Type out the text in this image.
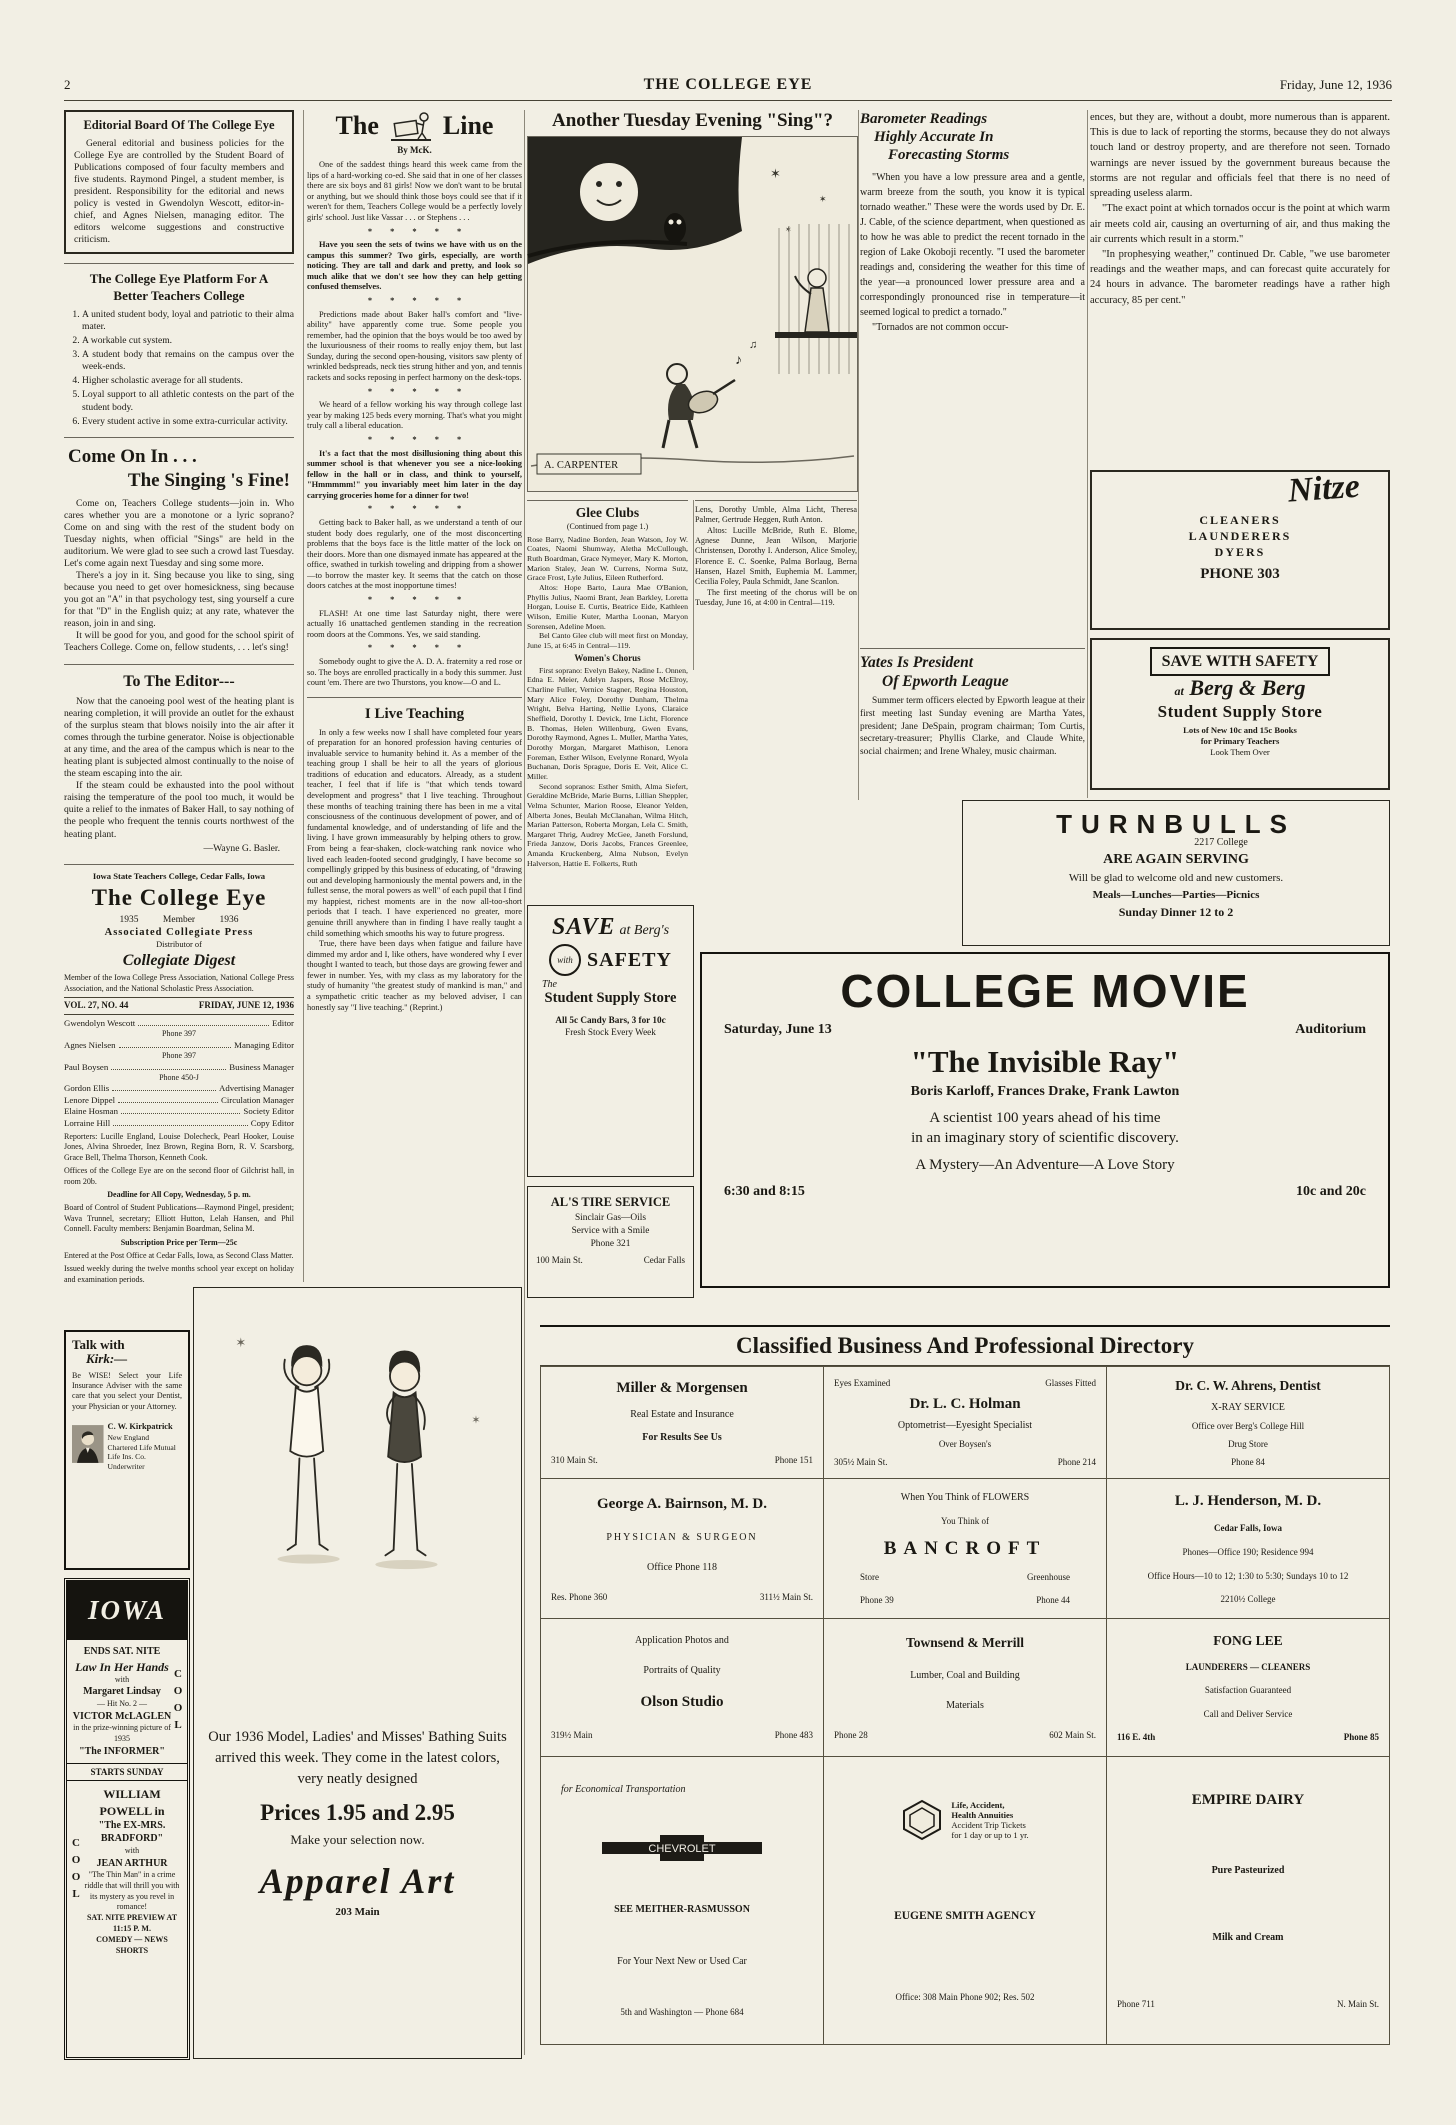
2	THE COLLEGE EYE	Friday, June 12, 1936
Editorial Board Of The College Eye

General editorial and business policies for the College Eye are controlled by the Student Board of Publications composed of four faculty members and five students. Raymond Pingel, a student member, is president. Responsibility for the editorial and news policy is vested in Gwendolyn Wescott, editor-in-chief, and Agnes Nielsen, managing editor. The editors welcome suggestions and constructive criticism.

The College Eye Platform For A
Better Teachers College
1. A united student body, loyal and patriotic to their alma mater.
2. A workable cut system.
3. A student body that remains on the campus over the week-ends.
4. Higher scholastic average for all students.
5. Loyal support to all athletic contests on the part of the student body.
6. Every student active in some extra-curricular activity.
Come On In . . .
The Singing 's Fine!

Come on, Teachers College students—join in. Who cares whether you are a monotone or a lyric soprano? Come on and sing with the rest of the student body on Tuesday nights, when official "Sings" are held in the auditorium. We were glad to see such a crowd last Tuesday. Let's come again next Tuesday and sing some more.

There's a joy in it. Sing because you like to sing, sing because you need to get over homesickness, sing because you got an "A" in that psychology test, sing yourself a cure for that "D" in the English quiz; at any rate, whatever the reason, join in and sing.

It will be good for you, and good for the school spirit of Teachers College. Come on, fellow students, . . . let's sing!

To The Editor---

Now that the canoeing pool west of the heating plant is nearing completion, it will provide an outlet for the exhaust of the surplus steam that blows noisily into the air after it comes through the turbine generator. Noise is objectionable at any time, and the area of the campus which is near to the heating plant is subjected almost continually to the noise of the steam escaping into the air.

If the steam could be exhausted into the pool without raising the temperature of the pool too much, it would be quite a relief to the inmates of Baker Hall, to say nothing of the people who frequent the tennis courts northwest of the heating plant.

—Wayne G. Basler.
Iowa State Teachers College, Cedar Falls, Iowa
The College Eye
1935 Member 1936
Associated Collegiate Press
Distributor of
Collegiate Digest
Member of the Iowa College Press Association, National College Press Association, and the National Scholastic Press Association.
VOL. 27, NO. 44	FRIDAY, JUNE 12, 1936
Gwendolyn Wescott	Editor
Phone 397
Agnes Nielsen	Managing Editor
Phone 397
Paul Boysen	Business Manager
Phone 450-J
Gordon Ellis	Advertising Manager
Lenore Dippel	Circulation Manager
Elaine Hosman	Society Editor
Lorraine Hill	Copy Editor
Reporters: Lucille England, Louise Dolecheck, Pearl Hooker, Louise Jones, Alvina Shroeder, Inez Brown, Regina Born, R. V. Scarsborg, Grace Bell, Thelma Thorson, Kenneth Cook.
Offices of the College Eye are on the second floor of Gilchrist hall, in room 20b.
Deadline for All Copy, Wednesday, 5 p. m.
Board of Control of Student Publications—Raymond Pingel, president; Wava Trunnel, secretary; Elliott Hutton, Lelah Hansen, and Phil Connell. Faculty members: Benjamin Boardman, Selina M.
Subscription Price per Term—25c
Entered at the Post Office at Cedar Falls, Iowa, as Second Class Matter.
Issued weekly during the twelve months school year except on holiday and examination periods.
The Line
By McK.

One of the saddest things heard this week came from the lips of a hard-working co-ed. She said that in one of her classes there are six boys and 81 girls! Now we don't want to be brutal or anything, but we should think those boys could see that if it weren't for them, Teachers College would be a perfectly lovely girls' school. Just like Vassar . . . or Stephens . . .

* * * * *

Have you seen the sets of twins we have with us on the campus this summer? Two girls, especially, are worth noticing. They are tall and dark and pretty, and look so much alike that we don't see how they can help getting confused themselves.

* * * * *

Predictions made about Baker hall's comfort and "live-ability" have apparently come true. Some people you remember, had the opinion that the boys would be too awed by the luxuriousness of their rooms to really enjoy them, but last Sunday, during the second open-housing, visitors saw plenty of wrinkled bedspreads, neck ties strung hither and yon, and tennis rackets and socks reposing in perfect harmony on the desk-tops.

* * * * *

We heard of a fellow working his way through college last year by making 125 beds every morning. That's what you might truly call a liberal education.

* * * * *

It's a fact that the most disillusioning thing about this summer school is that whenever you see a nice-looking fellow in the hall or in class, and think to yourself, "Hmmmmm!" you invariably meet him later in the day carrying groceries home for a dinner for two!

* * * * *

Getting back to Baker hall, as we understand a tenth of our student body does regularly, one of the most disconcerting problems that the boys face is the little matter of the lock on their doors. More than one dismayed inmate has appeared at the office, swathed in turkish toweling and dripping from a shower—to borrow the master key. It seems that the catch on those doors catches at the most inopportune times!

* * * * *

FLASH! At one time last Saturday night, there were actually 16 unattached gentlemen standing in the recreation room doors at the Commons. Yes, we said standing.

* * * * *

Somebody ought to give the A. D. A. fraternity a red rose or so. The boys are enrolled practically in a body this summer. Just count 'em. There are two Thurstons, you know—O and L.

I Live Teaching

In only a few weeks now I shall have completed four years of preparation for an honored profession having centuries of invaluable service to humanity behind it. As a member of the teaching group I shall be heir to all the years of glorious traditions of education and educators. Already, as a student teacher, I feel that if life is "that which tends toward development and progress" that I live teaching. Throughout these months of teaching training there has been in me a vital consciousness of the continuous development of power, and of fundamental knowledge, and of understanding of life and the living. I have grown immeasurably by helping others to grow. From being a fear-shaken, clock-watching rank novice who lived each leaden-footed second grudgingly, I have become so compellingly gripped by this business of educating, of "drawing out and developing harmoniously the mental powers and, in the fullest sense, the moral powers as well" of each pupil that I find my happiest, richest moments are in the now all-too-short periods that I teach. I have experienced no greater, more genuine thrill anywhere than in finding I have really taught a child something which smooths his way to future progress.

True, there have been days when fatigue and failure have dimmed my ardor and I, like others, have wondered why I ever thought I wanted to teach, but those days are growing fewer and fewer in number. Yes, with my class as my laboratory for the study of humanity "the greatest study of mankind is man," and a sympathetic critic teacher as my beloved adviser, I can honestly say "I live teaching." (Reprint.)

Another Tuesday Evening "Sing"?
✶
✶
✶
♪
♫
A. CARPENTER
Glee Clubs
(Continued from page 1.)

Rose Barry, Nadine Borden, Jean Watson, Joy W. Coates, Naomi Shumway, Aletha McCullough, Ruth Boardman, Grace Nymeyer, Mary K. Morton, Marion Staley, Jean W. Currens, Norma Sutz, Grace Frost, Lyle Julius, Eileen Rutherford.

Altos: Hope Barto, Laura Mae O'Banion, Phyllis Julius, Naomi Brant, Jean Barkley, Loretta Horgan, Louise E. Curtis, Beatrice Eide, Kathleen Wilson, Emilie Kuter, Martha Loonan, Maryon Sorensen, Adeline Moen.

Bel Canto Glee club will meet first on Monday, June 15, at 6:45 in Central—119.

Women's Chorus

First soprano: Evelyn Bakey, Nadine L. Onnen, Edna E. Meier, Adelyn Jaspers, Rose McElroy, Charline Fuller, Vernice Stagner, Regina Houston, Mary Alice Foley, Dorothy Dunham, Thelma Wright, Belva Harting, Nellie Lyons, Claraice Sheffield, Dorothy I. Devick, Irne Licht, Florence B. Thomas, Helen Willenburg, Gwen Evans, Dorothy Raymond, Agnes L. Muller, Martha Yates, Dorothy Morgan, Margaret Mathison, Lenora Foreman, Esther Wilson, Evelynne Ronard, Wyola Buchanan, Doris Sprague, Doris E. Veit, Alice C. Miller.

Second sopranos: Esther Smith, Alma Siefert, Geraldine McBride, Marie Burns, Lillian Sheppler, Velma Schunter, Marion Roose, Eleanor Yelden, Alberta Jones, Beulah McClanahan, Wilma Hitch, Marian Patterson, Roberta Morgan, Lela C. Smith, Margaret Thrig, Audrey McGee, Janeth Forslund, Frieda Janzow, Doris Jacobs, Frances Greenlee, Amanda Kruckenberg, Alma Nubson, Evelyn Halverson, Hattie E. Folkerts, Ruth

Lens, Dorothy Umble, Alma Licht, Theresa Palmer, Gertrude Heggen, Ruth Anton.

Altos: Lucille McBride, Ruth E. Blome, Agnese Dunne, Jean Wilson, Marjorie Christensen, Dorothy I. Anderson, Alice Smoley, Florence E. C. Soenke, Palma Borlaug, Berna Hansen, Hazel Smith, Euphemia M. Lammer, Cecilia Foley, Paula Schmidt, Jane Scanlon.

The first meeting of the chorus will be on Tuesday, June 16, at 4:00 in Central—119.

Barometer Readings
Highly Accurate In
Forecasting Storms

"When you have a low pressure area and a gentle, warm breeze from the south, you know it is typical tornado weather." These were the words used by Dr. E. J. Cable, of the science department, when questioned as to how he was able to predict the recent tornado in the region of Lake Okoboji recently. "I used the barometer readings and, considering the weather for this time of the year—a pronounced lower pressure area and a correspondingly pronounced rise in temperature—it seemed logical to predict a tornado."

"Tornados are not common occur-

Yates Is President
Of Epworth League

Summer term officers elected by Epworth league at their first meeting last Sunday evening are Martha Yates, president; Jane DeSpain, program chairman; Tom Curtis, secretary-treasurer; Phyllis Clarke, and Claude White, social chairmen; and Irene Whaley, music chairman.

ences, but they are, without a doubt, more numerous than is apparent. This is due to lack of reporting the storms, because they do not always touch land or destroy property, and are therefore not seen. Tornado warnings are never issued by the government bureaus because the storms are not regular and officials feel that there is no need of spreading useless alarm.

"The exact point at which tornados occur is the point at which warm air meets cold air, causing an overturning of air, and thus making the air currents which result in a storm."

"In prophesying weather," continued Dr. Cable, "we use barometer readings and the weather maps, and can forecast quite accurately for 24 hours in advance. The barometer readings have a rather high accuracy, 85 per cent."

Nitze
CLEANERS
LAUNDERERS
DYERS
PHONE 303
SAVE WITH SAFETY
at Berg & Berg
Student Supply Store
Lots of New 10c and 15c Books
for Primary Teachers
Look Them Over
TURNBULLS
2217 College
ARE AGAIN SERVING
Will be glad to welcome old and new customers.
Meals—Lunches—Parties—Picnics
Sunday Dinner 12 to 2
COLLEGE MOVIE
Saturday, June 13	Auditorium
"The Invisible Ray"
Boris Karloff, Frances Drake, Frank Lawton
A scientist 100 years ahead of his time
in an imaginary story of scientific discovery.
A Mystery—An Adventure—A Love Story
6:30 and 8:15	10c and 20c
SAVE at Berg's
with SAFETY
The
Student Supply Store
All 5c Candy Bars, 3 for 10c
Fresh Stock Every Week
AL'S TIRE SERVICE
Sinclair Gas—Oils
Service with a Smile
Phone 321
100 Main St.	Cedar Falls
Talk with
Kirk:—

Be WISE! Select your Life Insurance Adviser with the same care that you select your Dentist, your Physician or your Attorney.

C. W. Kirkpatrick New England
Chartered Life Mutual Life Ins. Co.
Underwriter
IOWA
ENDS SAT. NITE
Law In Her Hands
with
Margaret Lindsay
— Hit No. 2 —
VICTOR McLAGLEN
in the prize-winning picture of 1935
"The INFORMER"
COOL
STARTS SUNDAY
COOL
WILLIAM
POWELL in
"The EX-MRS. BRADFORD"
with
JEAN ARTHUR
"The Thin Man" in a crime riddle that will thrill you with its mystery as you revel in romance!
SAT. NITE PREVIEW AT 11:15 P. M.
COMEDY — NEWS SHORTS
✶
✶
Our 1936 Model, Ladies' and Misses' Bathing Suits arrived this week. They come in the latest colors, very neatly designed
Prices 1.95 and 2.95
Make your selection now.
Apparel Art
203 Main
Classified Business And Professional Directory
Miller & Morgensen
Real Estate and Insurance
For Results See Us
310 Main St.	Phone 151
Eyes Examined	Glasses Fitted
Dr. L. C. Holman
Optometrist—Eyesight Specialist
Over Boysen's
305½ Main St.	Phone 214
Dr. C. W. Ahrens, Dentist
X-RAY SERVICE
Office over Berg's College Hill
Drug Store
Phone 84
George A. Bairnson, M. D.
PHYSICIAN & SURGEON
Office Phone 118
Res. Phone 360	311½ Main St.
When You Think of FLOWERS
You Think of
BANCROFT
Store	Greenhouse
Phone 39	Phone 44
L. J. Henderson, M. D.
Cedar Falls, Iowa
Phones—Office 190; Residence 994
Office Hours—10 to 12; 1:30 to 5:30; Sundays 10 to 12
2210½ College
Application Photos and
Portraits of Quality
Olson Studio
319½ Main	Phone 483
Townsend & Merrill
Lumber, Coal and Building
Materials
Phone 28	602 Main St.
FONG LEE
LAUNDERERS — CLEANERS
Satisfaction Guaranteed
Call and Deliver Service
116 E. 4th	Phone 85
for Economical Transportation
CHEVROLET
SEE MEITHER-RASMUSSON
For Your Next New or Used Car
5th and Washington — Phone 684
Life, Accident,
Health Annuities
Accident Trip Tickets
for 1 day or up to 1 yr.
EUGENE SMITH AGENCY
Office: 308 Main Phone 902; Res. 502
EMPIRE DAIRY
Pure Pasteurized
Milk and Cream
Phone 711	N. Main St.
